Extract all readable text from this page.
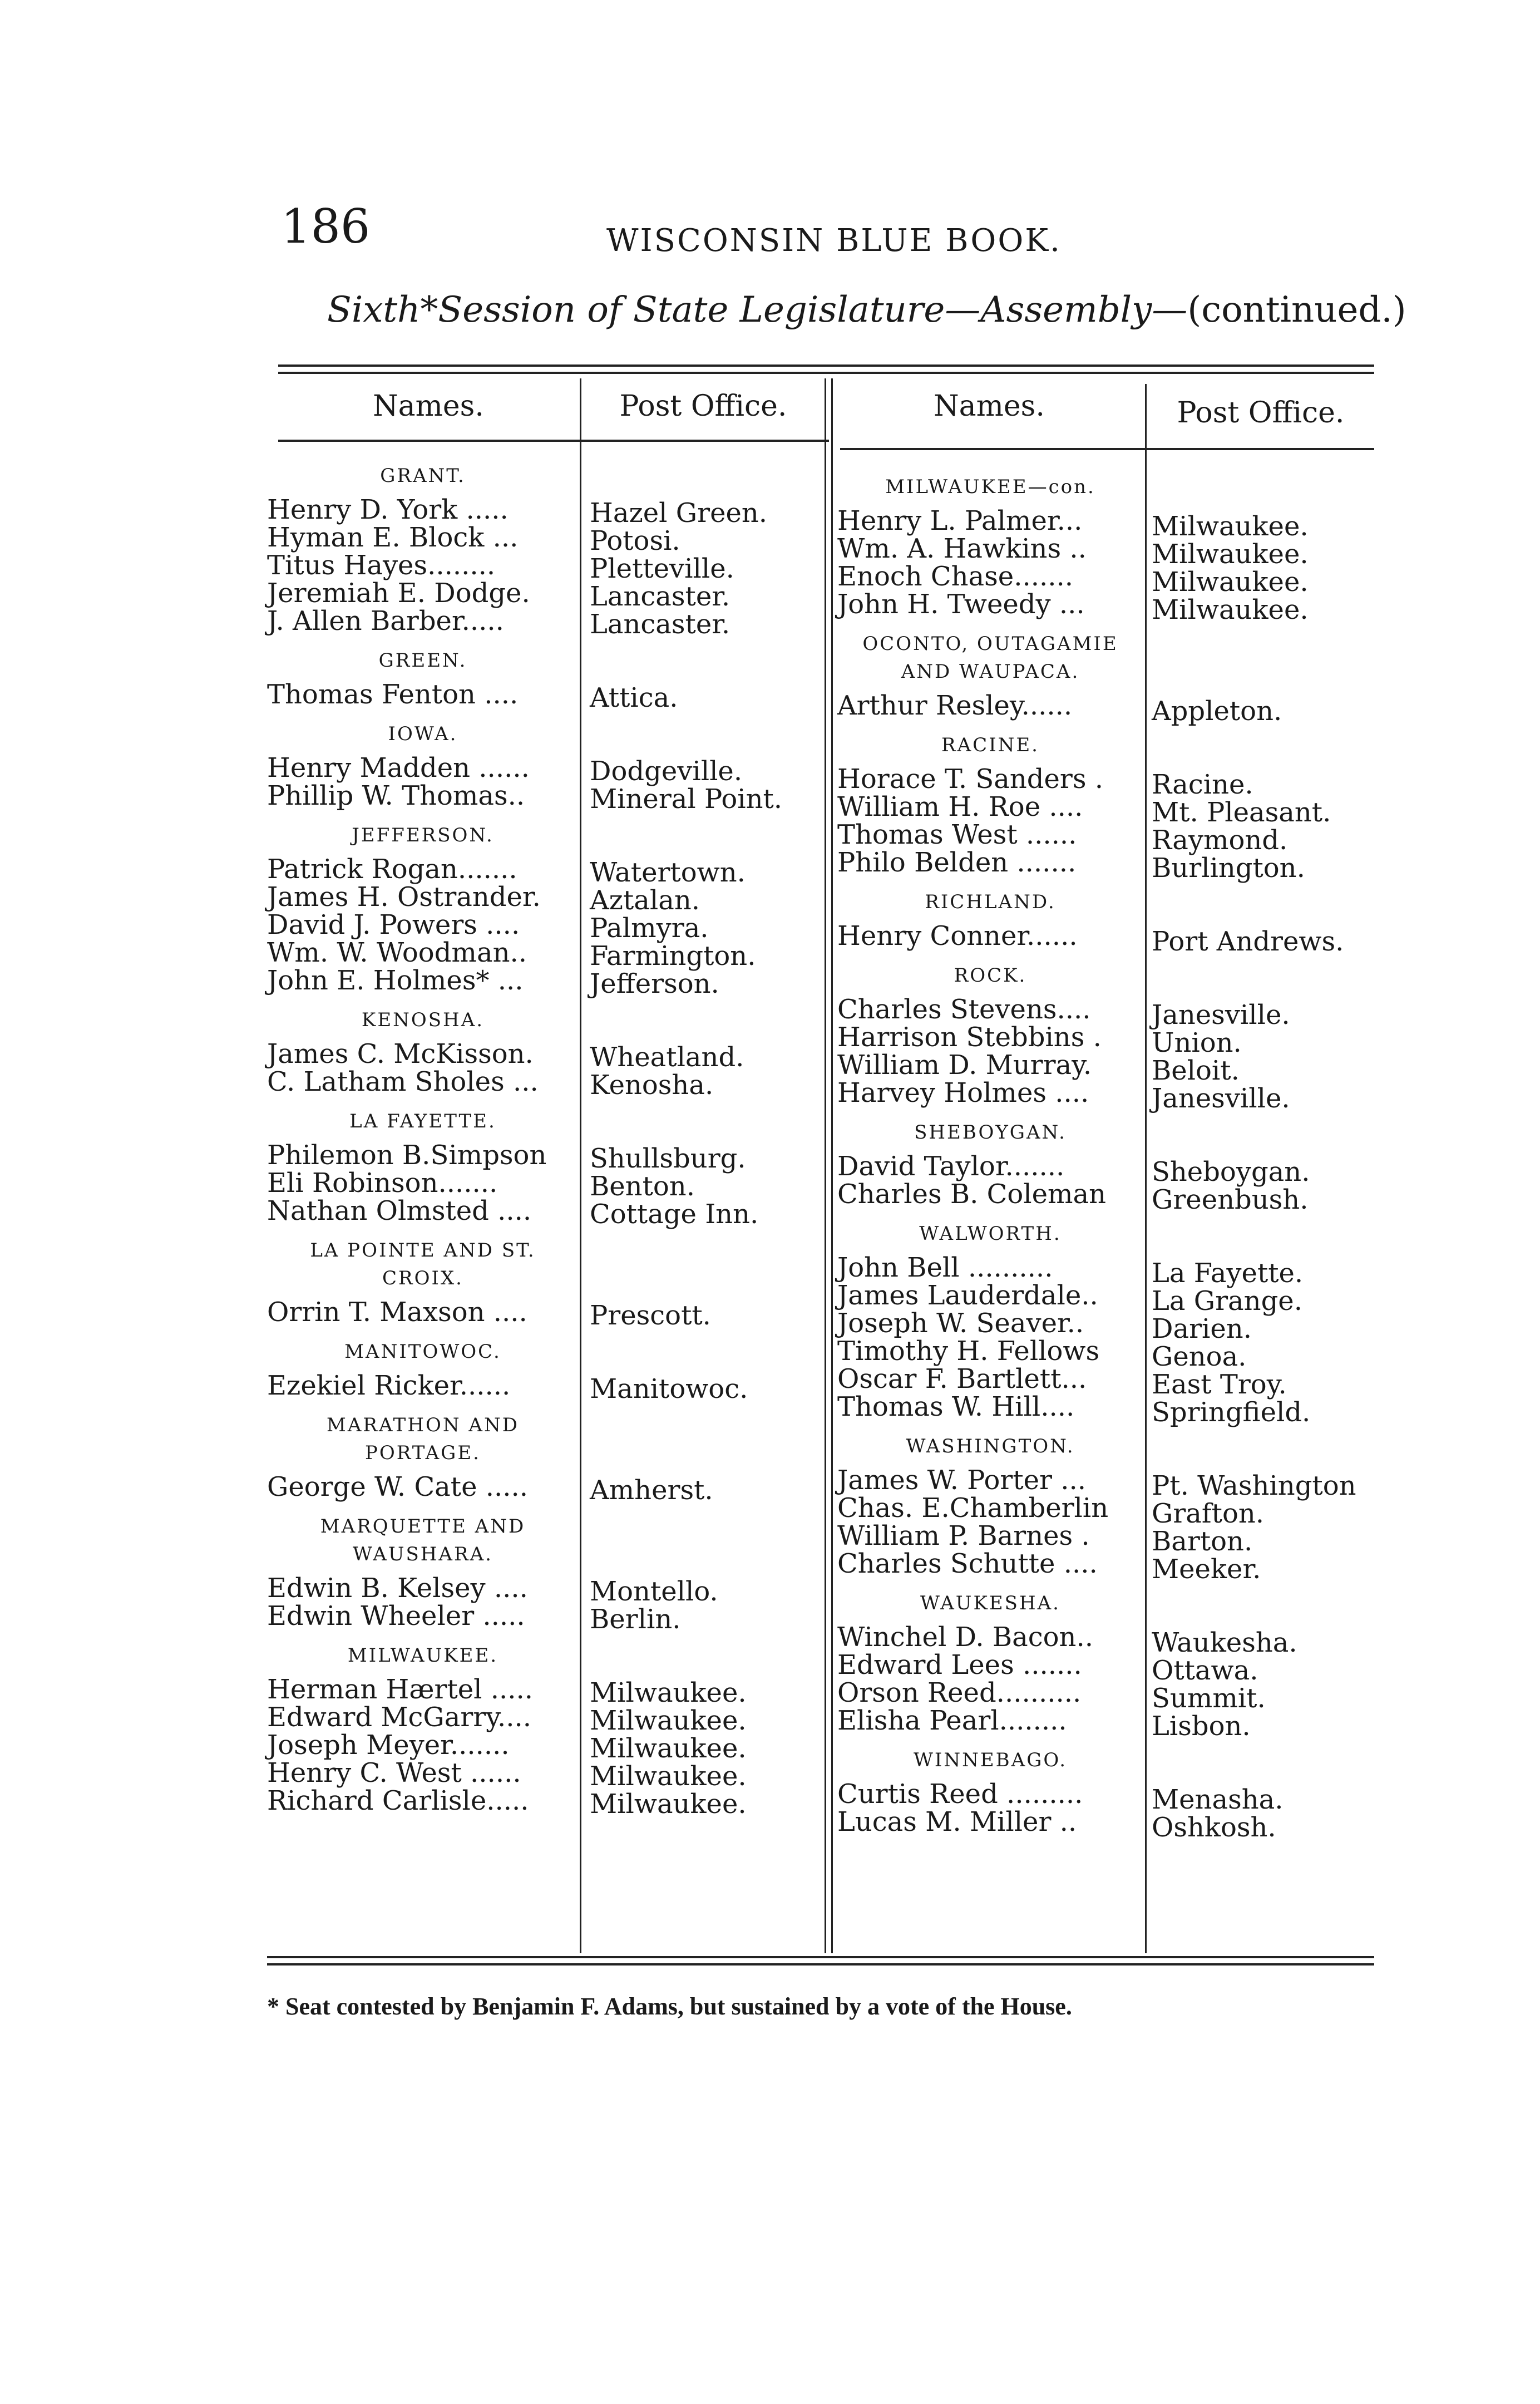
186	WISCONSIN BLUE BOOK.
Sixth*Session of State Legislature—Assembly—(continued.)
Names.	Post Office.	Names.	Post Office.
GRANT.
Henry D. York .....	Hazel Green.
Hyman E. Block ...	Potosi.
Titus Hayes........	Pletteville.
Jeremiah E. Dodge. Lancaster.
J. Allen Barber.....	Lancaster.
GREEN.
Thomas Fenton ....	Attica.
IOWA.
Henry Madden ...... Dodgeville.
Phillip W. Thomas.. Mineral Point.
JEFFERSON.
Patrick Rogan.......	Watertown.
James H. Ostrander. Aztalan.
David J. Powers ....	Palmyra.
Wm. W. Woodman.. Farmington.
John E. Holmes* ... Jefferson.
KENOSHA.
James C. McKisson. Wheatland.
C. Latham Sholes ... Kenosha.
LA FAYETTE.
Philemon B.Simpson Shullsburg.
Eli Robinson.......	Benton.
Nathan Olmsted .... Cottage Inn.
LA POINTE AND ST.
CROIX.
Orrin T. Maxson .... Prescott.
MANITOWOC.
Ezekiel Ricker......	Manitowoc.
MARATHON AND
PORTAGE.
George W. Cate ..... Amherst.
MARQUETTE AND
WAUSHARA.
Edwin B. Kelsey .... Montello.
Edwin Wheeler ..... Berlin.
MILWAUKEE.
Herman Hærtel ..... Milwaukee.
Edward McGarry.... Milwaukee.
Joseph Meyer.......	Milwaukee.
Henry C. West ......	Milwaukee.
Richard Carlisle..... Milwaukee.
MILWAUKEE—con.
Henry L. Palmer...	Milwaukee.
Wm. A. Hawkins .. Milwaukee.
Enoch Chase.......	Milwaukee.
John H. Tweedy ...	Milwaukee.
OCONTO, OUTAGAMIE
AND WAUPACA.
Arthur Resley......	Appleton.
RACINE.
Horace T. Sanders . Racine.
William H. Roe ....	Mt. Pleasant.
Thomas West ......	Raymond.
Philo Belden .......	Burlington.
RICHLAND.
Henry Conner......	Port Andrews.
ROCK.
Charles Stevens.... Janesville.
Harrison Stebbins . Union.
William D. Murray. Beloit.
Harvey Holmes .... Janesville.
SHEBOYGAN.
David Taylor.......	Sheboygan.
Charles B. Coleman Greenbush.
WALWORTH.
John Bell ..........	La Fayette.
James Lauderdale.. La Grange.
Joseph W. Seaver..	Darien.
Timothy H. Fellows Genoa.
Oscar F. Bartlett... East Troy.
Thomas W. Hill....	Springfield.
WASHINGTON.
James W. Porter ... Pt. Washington
Chas. E.Chamberlin Grafton.
William P. Barnes . Barton.
Charles Schutte .... Meeker.
WAUKESHA.
Winchel D. Bacon.. Waukesha.
Edward Lees .......	Ottawa.
Orson Reed..........	Summit.
Elisha Pearl........	Lisbon.
WINNEBAGO.
Curtis Reed .........	Menasha.
Lucas M. Miller ..	Oshkosh.
* Seat contested by Benjamin F. Adams, but sustained by a vote of the House.
